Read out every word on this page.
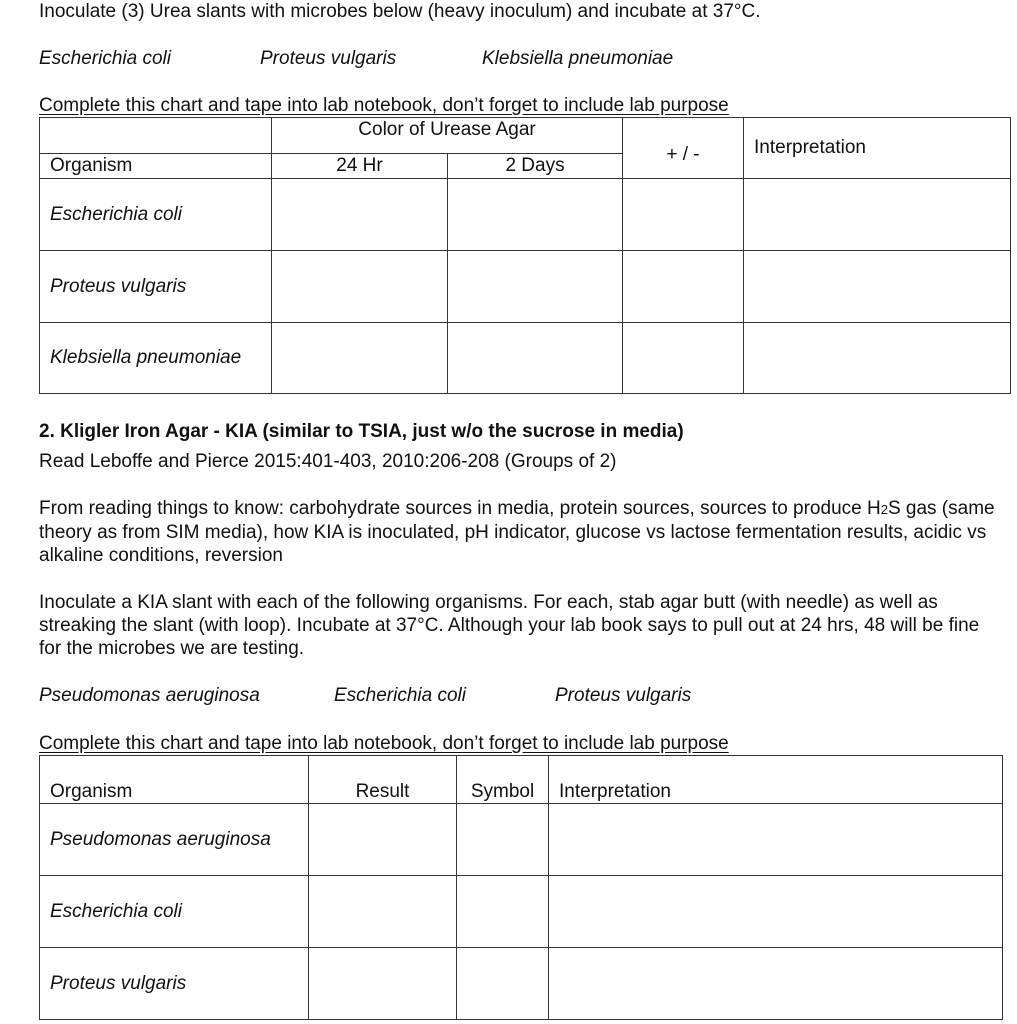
Inoculate (3) Urea slants with microbes below (heavy inoculum) and incubate at 37°C.
Escherichia coli	Proteus vulgaris	Klebsiella pneumoniae
Complete this chart and tape into lab notebook, don’t forget to include lab purpose
	Color of Urease Agar		+ / -	Interpretation
Organism	24 Hr	2 Days		
Escherichia coli				
Proteus vulgaris				
Klebsiella pneumoniae				
2. Kligler Iron Agar - KIA (similar to TSIA, just w/o the sucrose in media)
Read Leboffe and Pierce 2015:401-403, 2010:206-208 (Groups of 2)
From reading things to know: carbohydrate sources in media, protein sources, sources to produce H2S gas (same theory as from SIM media), how KIA is inoculated, pH indicator, glucose vs lactose fermentation results, acidic vs alkaline conditions, reversion
Inoculate a KIA slant with each of the following organisms. For each, stab agar butt (with needle) as well as streaking the slant (with loop). Incubate at 37°C. Although your lab book says to pull out at 24 hrs, 48 will be fine for the microbes we are testing.
Pseudomonas aeruginosa	Escherichia coli	Proteus vulgaris
Complete this chart and tape into lab notebook, don’t forget to include lab purpose
Organism	Result	Symbol	Interpretation
Pseudomonas aeruginosa			
Escherichia coli			
Proteus vulgaris			
